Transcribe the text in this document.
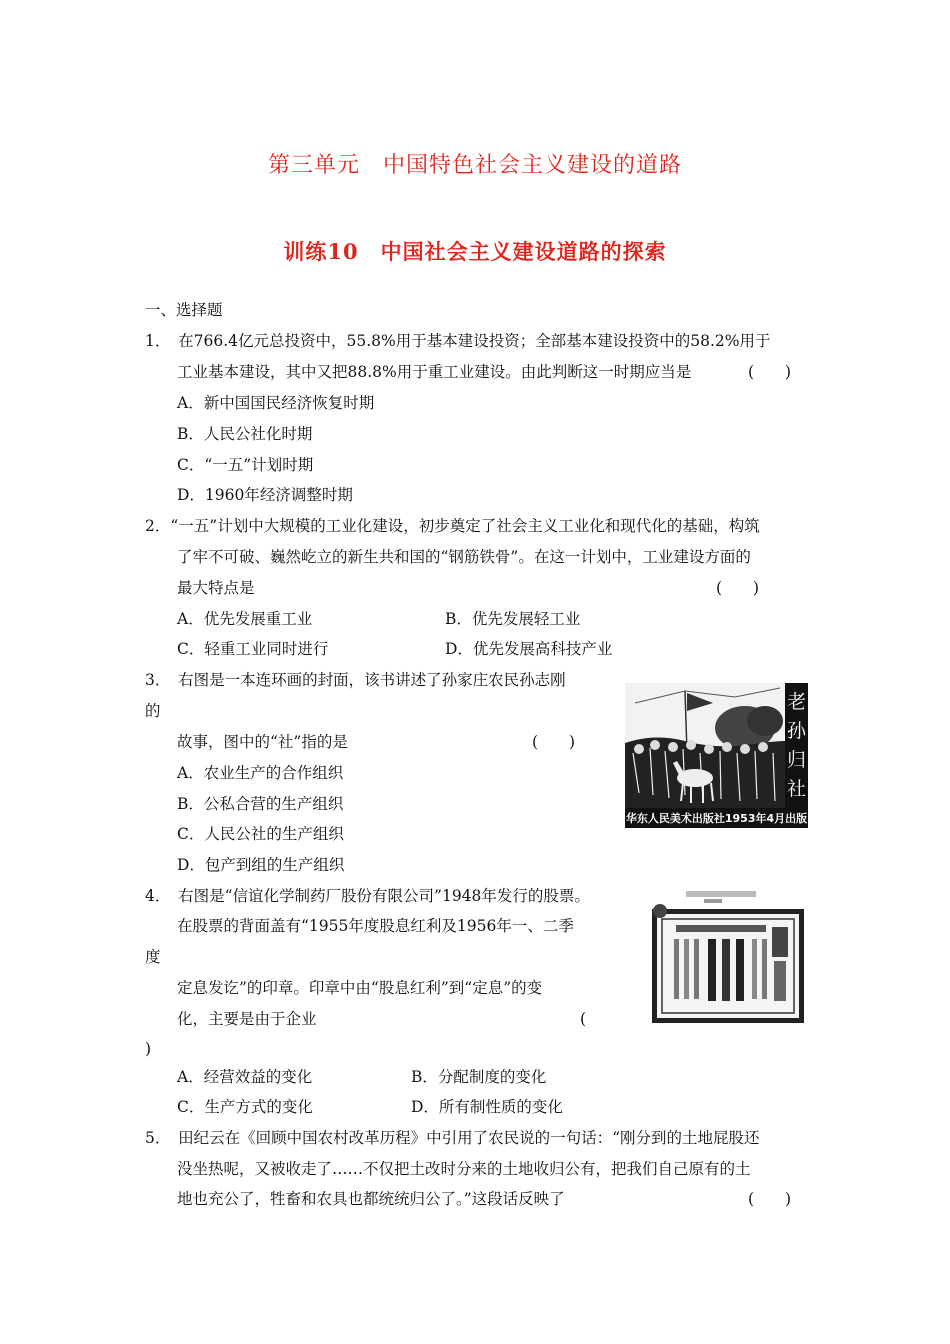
第三单元　中国特色社会主义建设的道路
训练10　中国社会主义建设道路的探索
一、选择题
1．　在766.4亿元总投资中，55.8%用于基本建设投资；全部基本建设投资中的58.2%用于
工业基本建设，其中又把88.8%用于重工业建设。由此判断这一时期应当是	(　　)
A．新中国国民经济恢复时期
B．人民公社化时期
C．“一五”计划时期
D．1960年经济调整时期
2．“一五”计划中大规模的工业化建设，初步奠定了社会主义工业化和现代化的基础，构筑
了牢不可破、巍然屹立的新生共和国的“钢筋铁骨”。在这一计划中，工业建设方面的
最大特点是	(　　)
A．优先发展重工业	B．优先发展轻工业
C．轻重工业同时进行	D．优先发展高科技产业
3．　右图是一本连环画的封面，该书讲述了孙家庄农民孙志刚
的
故事，图中的“社”指的是	(　　)
A．农业生产的合作组织
B．公私合营的生产组织
C．人民公社的生产组织
D．包产到组的生产组织
老
孙
归
社
华东人民美术出版社1953年4月出版
4．　右图是“信谊化学制药厂股份有限公司”1948年发行的股票。
在股票的背面盖有“1955年度股息红利及1956年一、二季
度
定息发讫”的印章。印章中由“股息红利”到“定息”的变
化，主要是由于企业	(
)
A．经营效益的变化	B．分配制度的变化
C．生产方式的变化	D．所有制性质的变化
5．　田纪云在《回顾中国农村改革历程》中引用了农民说的一句话：“刚分到的土地屁股还
没坐热呢，又被收走了……不仅把土改时分来的土地收归公有，把我们自己原有的土
地也充公了，牲畜和农具也都统统归公了。”这段话反映了	(　　)
